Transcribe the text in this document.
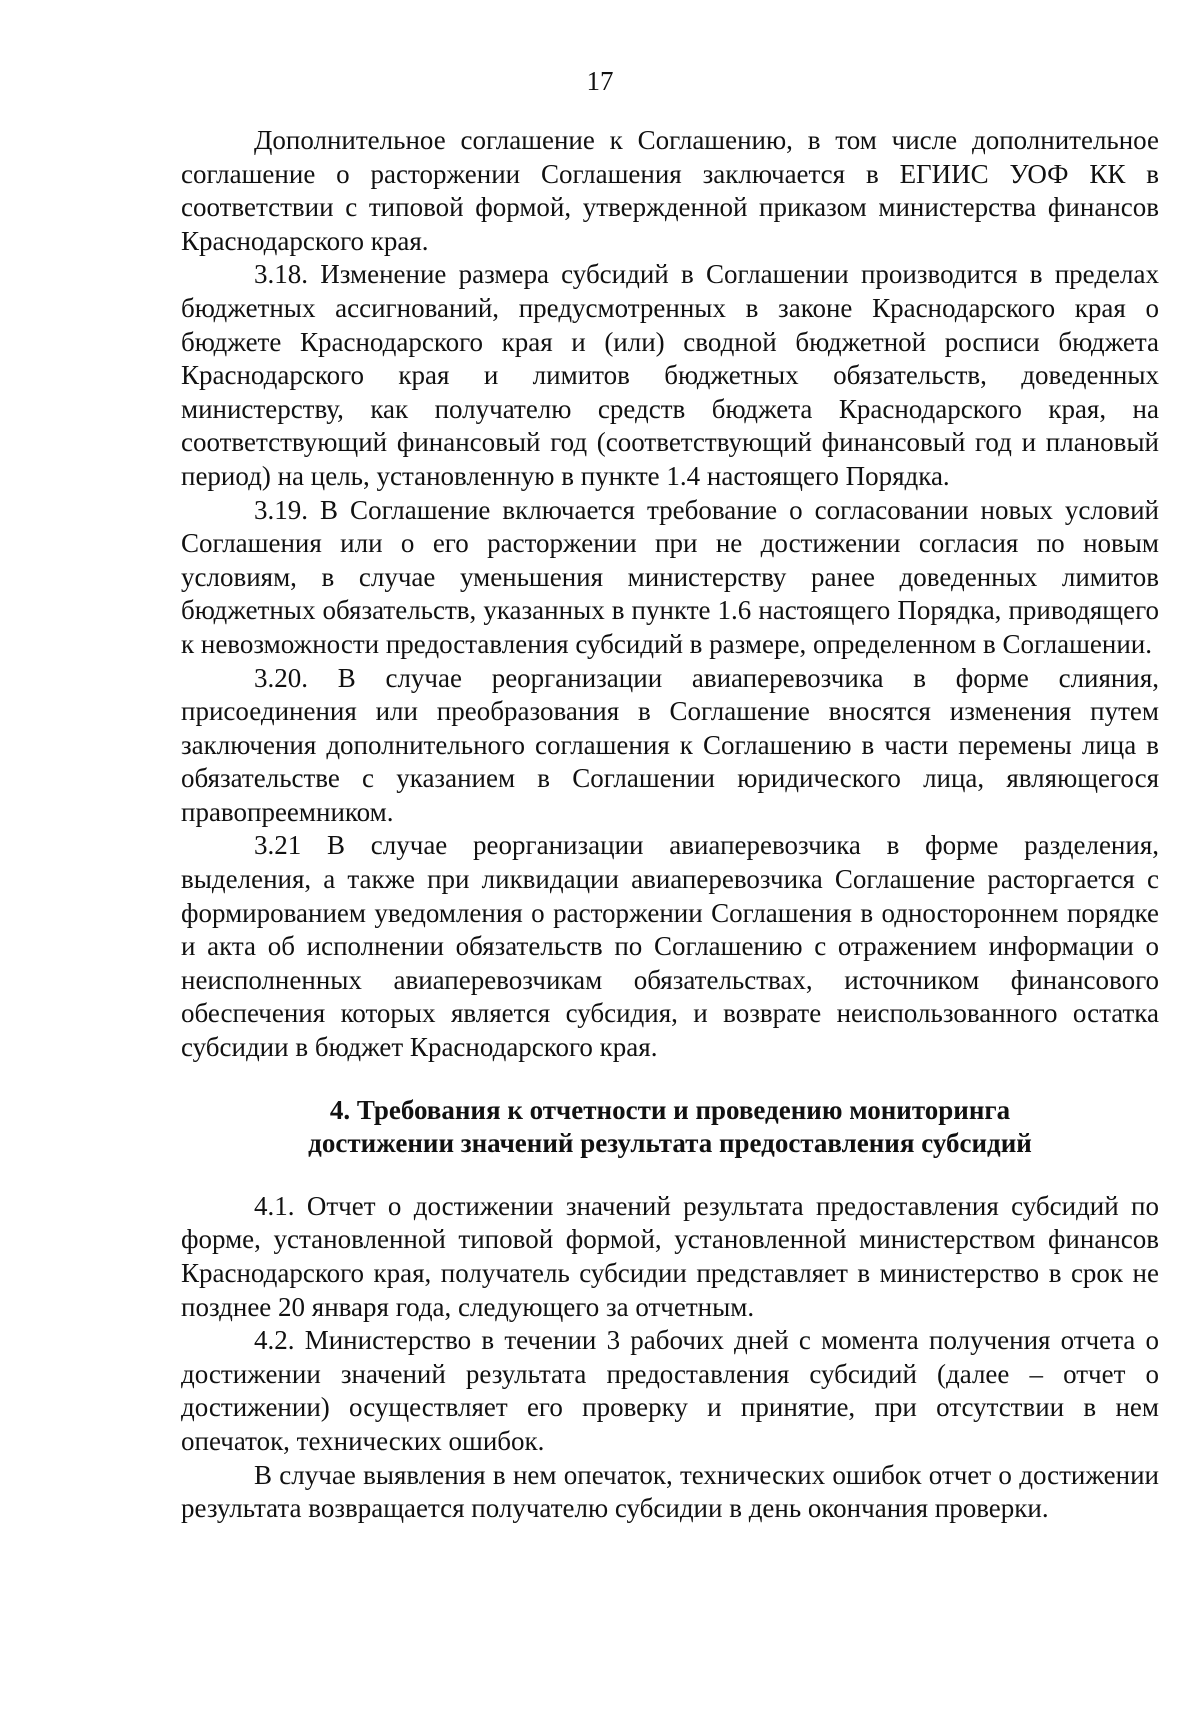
17

Дополнительное соглашение к Соглашению, в том числе дополнительное соглашение о расторжении Соглашения заключается в ЕГИИС УОФ КК в соответствии с типовой формой, утвержденной приказом министерства финансов Краснодарского края.

3.18. Изменение размера субсидий в Соглашении производится в пределах бюджетных ассигнований, предусмотренных в законе Краснодарского края о бюджете Краснодарского края и (или) сводной бюджетной росписи бюджета Краснодарского края и лимитов бюджетных обязательств, доведенных министерству, как получателю средств бюджета Краснодарского края, на соответствующий финансовый год (соответствующий финансовый год и плановый период) на цель, установленную в пункте 1.4 настоящего Порядка.

3.19. В Соглашение включается требование о согласовании новых условий Соглашения или о его расторжении при не достижении согласия по новым условиям, в случае уменьшения министерству ранее доведенных лимитов бюджетных обязательств, указанных в пункте 1.6 настоящего Порядка, приводящего к невозможности предоставления субсидий в размере, определенном в Соглашении.

3.20. В случае реорганизации авиаперевозчика в форме слияния, присоединения или преобразования в Соглашение вносятся изменения путем заключения дополнительного соглашения к Соглашению в части перемены лица в обязательстве с указанием в Соглашении юридического лица, являющегося правопреемником.

3.21 В случае реорганизации авиаперевозчика в форме разделения, выделения, а также при ликвидации авиаперевозчика Соглашение расторгается с формированием уведомления о расторжении Соглашения в одностороннем порядке и акта об исполнении обязательств по Соглашению с отражением информации о неисполненных авиаперевозчикам обязательствах, источником финансового обеспечения которых является субсидия, и возврате неиспользованного остатка субсидии в бюджет Краснодарского края.

4. Требования к отчетности и проведению мониторинга
достижении значений результата предоставления субсидий

4.1. Отчет о достижении значений результата предоставления субсидий по форме, установленной типовой формой, установленной министерством финансов Краснодарского края, получатель субсидии представляет в министерство в срок не позднее 20 января года, следующего за отчетным.

4.2. Министерство в течении 3 рабочих дней с момента получения отчета о достижении значений результата предоставления субсидий (далее – отчет о достижении) осуществляет его проверку и принятие, при отсутствии в нем опечаток, технических ошибок.

В случае выявления в нем опечаток, технических ошибок отчет о достижении результата возвращается получателю субсидии в день окончания проверки.
